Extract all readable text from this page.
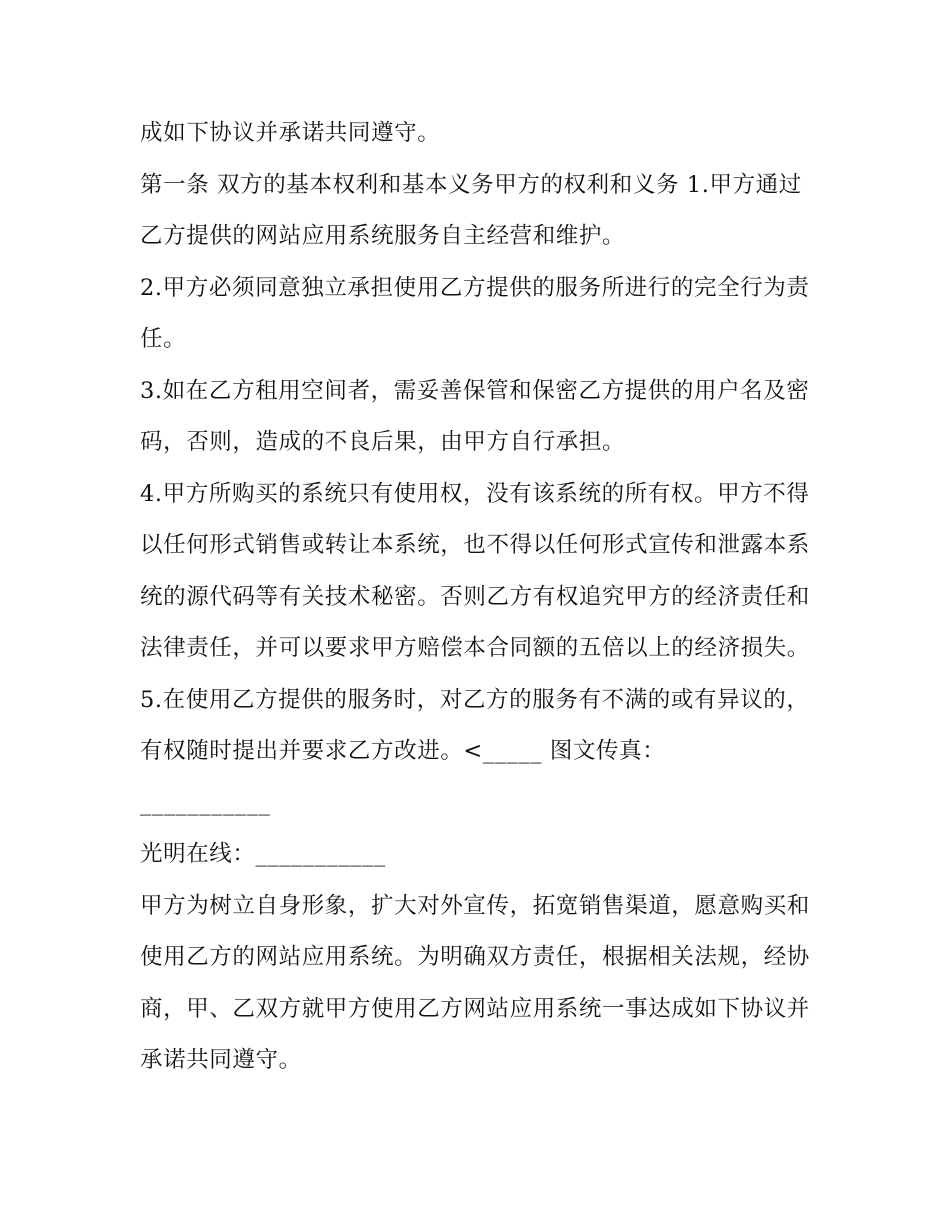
成如下协议并承诺共同遵守。

第一条 双方的基本权利和基本义务甲方的权利和义务 1.甲方通过乙方提供的网站应用系统服务自主经营和维护。

2.甲方必须同意独立承担使用乙方提供的服务所进行的完全行为责任。

3.如在乙方租用空间者，需妥善保管和保密乙方提供的用户名及密码，否则，造成的不良后果，由甲方自行承担。

4.甲方所购买的系统只有使用权，没有该系统的所有权。甲方不得以任何形式销售或转让本系统，也不得以任何形式宣传和泄露本系统的源代码等有关技术秘密。否则乙方有权追究甲方的经济责任和法律责任，并可以要求甲方赔偿本合同额的五倍以上的经济损失。

5.在使用乙方提供的服务时，对乙方的服务有不满的或有异议的，有权随时提出并要求乙方改进。<_____ 图文传真：

___________

光明在线：___________

甲方为树立自身形象，扩大对外宣传，拓宽销售渠道，愿意购买和使用乙方的网站应用系统。为明确双方责任，根据相关法规，经协商，甲、乙双方就甲方使用乙方网站应用系统一事达成如下协议并承诺共同遵守。
